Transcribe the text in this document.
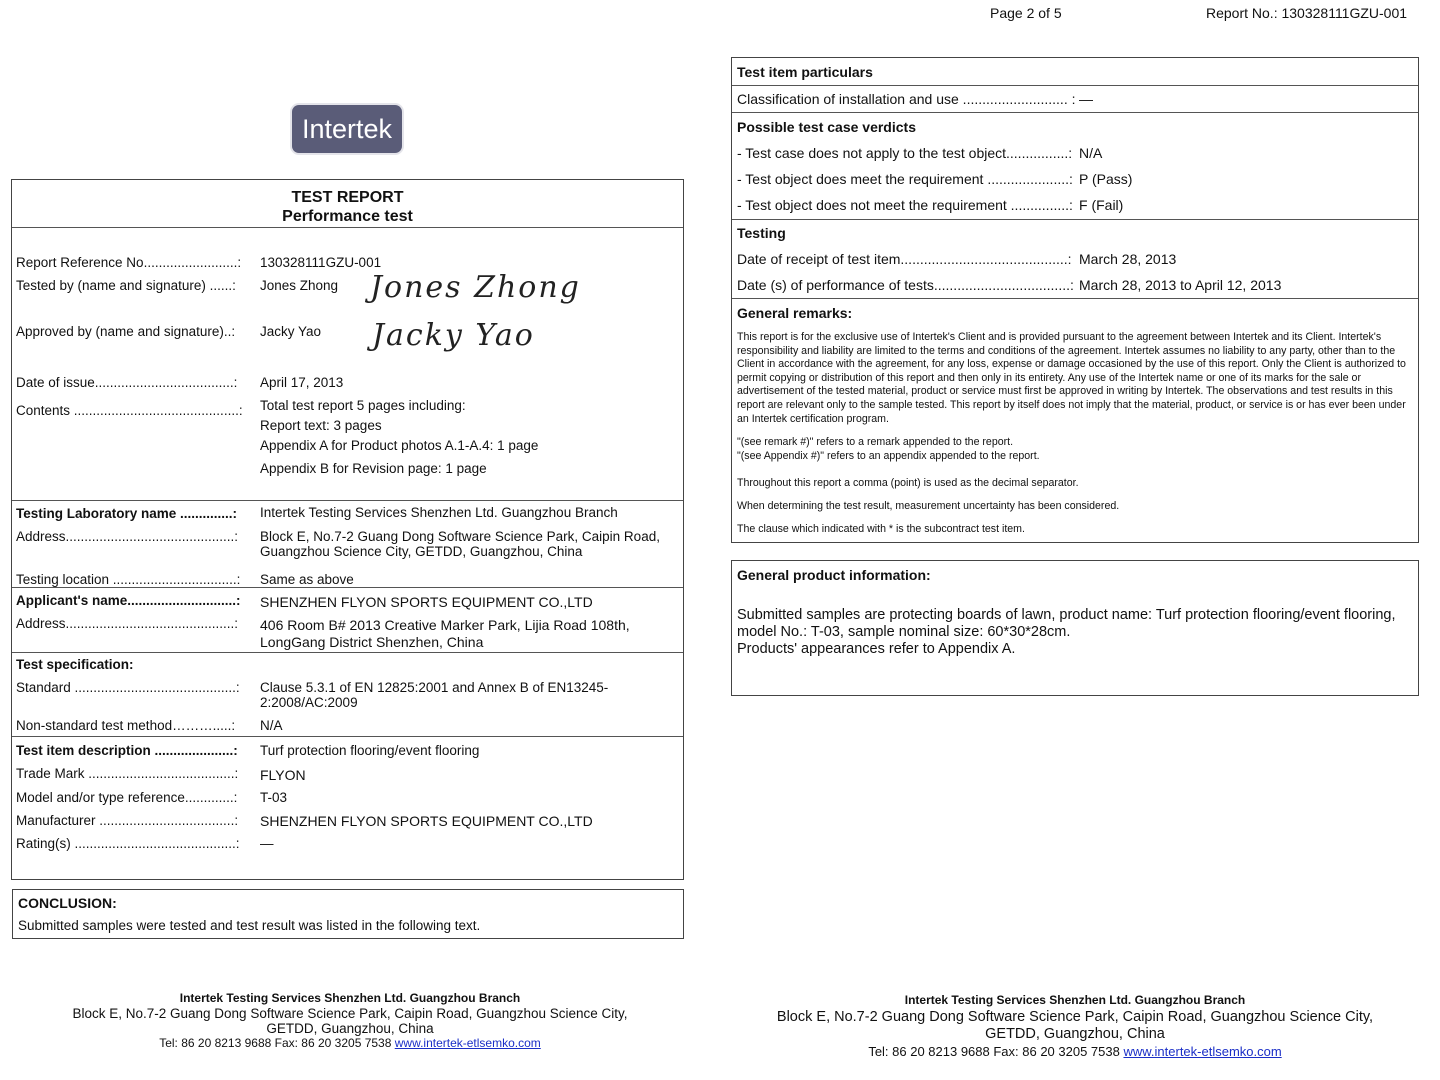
Page 2 of 5	Report No.: 130328111GZU-001
Intertek
TEST REPORT
Performance test
Report Reference No.........................: 130328111GZU-001
Tested by (name and signature) ......: Jones Zhong Jones Zhong
Approved by (name and signature)..: Jacky Yao Jacky Yao
Date of issue.....................................: April 17, 2013
Contents ............................................: Total test report 5 pages including:
Report text: 3 pages
Appendix A for Product photos A.1-A.4: 1 page
Appendix B for Revision page: 1 page
Testing Laboratory name ..............: Intertek Testing Services Shenzhen Ltd. Guangzhou Branch
Address.............................................: Block E, No.7-2 Guang Dong Software Science Park, Caipin Road,
Guangzhou Science City, GETDD, Guangzhou, China
Testing location .................................: Same as above
Applicant's name.............................: SHENZHEN FLYON SPORTS EQUIPMENT CO.,LTD
Address.............................................: 406 Room B# 2013 Creative Marker Park, Lijia Road 108th,
LongGang District Shenzhen, China
Test specification:
Standard ...........................................: Clause 5.3.1 of EN 12825:2001 and Annex B of EN13245-
2:2008/AC:2009
Non-standard test method……….....: N/A
Test item description .....................: Turf protection flooring/event flooring
Trade Mark .......................................: FLYON
Model and/or type reference.............: T-03
Manufacturer ....................................: SHENZHEN FLYON SPORTS EQUIPMENT CO.,LTD
Rating(s) ...........................................: —
CONCLUSION:
Submitted samples were tested and test result was listed in the following text.
Intertek Testing Services Shenzhen Ltd. Guangzhou Branch
Block E, No.7-2 Guang Dong Software Science Park, Caipin Road, Guangzhou Science City,
GETDD, Guangzhou, China
Tel: 86 20 8213 9688 Fax: 86 20 3205 7538 www.intertek-etlsemko.com
Test item particulars
Classification of installation and use ........................... : —
Possible test case verdicts
- Test case does not apply to the test object................: N/A
- Test object does meet the requirement .....................: P (Pass)
- Test object does not meet the requirement ...............: F (Fail)
Testing
Date of receipt of test item...........................................: March 28, 2013
Date (s) of performance of tests...................................: March 28, 2013 to April 12, 2013
General remarks:
This report is for the exclusive use of Intertek's Client and is provided pursuant to the agreement between Intertek and its Client. Intertek's responsibility and liability are limited to the terms and conditions of the agreement. Intertek assumes no liability to any party, other than to the Client in accordance with the agreement, for any loss, expense or damage occasioned by the use of this report. Only the Client is authorized to permit copying or distribution of this report and then only in its entirety. Any use of the Intertek name or one of its marks for the sale or advertisement of the tested material, product or service must first be approved in writing by Intertek. The observations and test results in this report are relevant only to the sample tested. This report by itself does not imply that the material, product, or service is or has ever been under an Intertek certification program.
"(see remark #)" refers to a remark appended to the report.
"(see Appendix #)" refers to an appendix appended to the report.
Throughout this report a comma (point) is used as the decimal separator.
When determining the test result, measurement uncertainty has been considered.
The clause which indicated with * is the subcontract test item.
General product information:
Submitted samples are protecting boards of lawn, product name: Turf protection flooring/event flooring,
model No.: T-03, sample nominal size: 60*30*28cm.
Products' appearances refer to Appendix A.
Intertek Testing Services Shenzhen Ltd. Guangzhou Branch
Block E, No.7-2 Guang Dong Software Science Park, Caipin Road, Guangzhou Science City,
GETDD, Guangzhou, China
Tel: 86 20 8213 9688 Fax: 86 20 3205 7538 www.intertek-etlsemko.com
